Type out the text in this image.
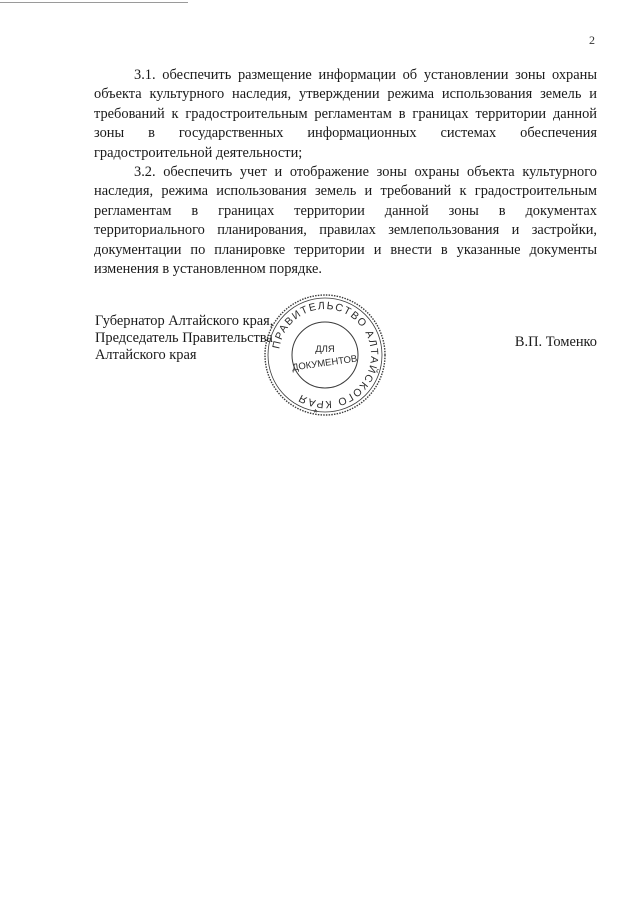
2

3.1. обеспечить размещение информации об установлении зоны охраны объекта культурного наследия, утверждении режима использования земель и требований к градостроительным регламентам в границах территории данной зоны в государственных информационных системах обеспечения градостроительной деятельности;

3.2. обеспечить учет и отображение зоны охраны объекта культурного наследия, режима использования земель и требований к градостроительным регламентам в границах территории данной зоны в документах территориального планирования, правилах землепользования и застройки, документации по планировке территории и внести в указанные документы изменения в установленном порядке.

Губернатор Алтайского края,
Председатель Правительства
Алтайского края
В.П. Томенко
ПРАВИТЕЛЬСТВО АЛТАЙСКОГО КРАЯ
ДЛЯ
ДОКУМЕНТОВ
*
